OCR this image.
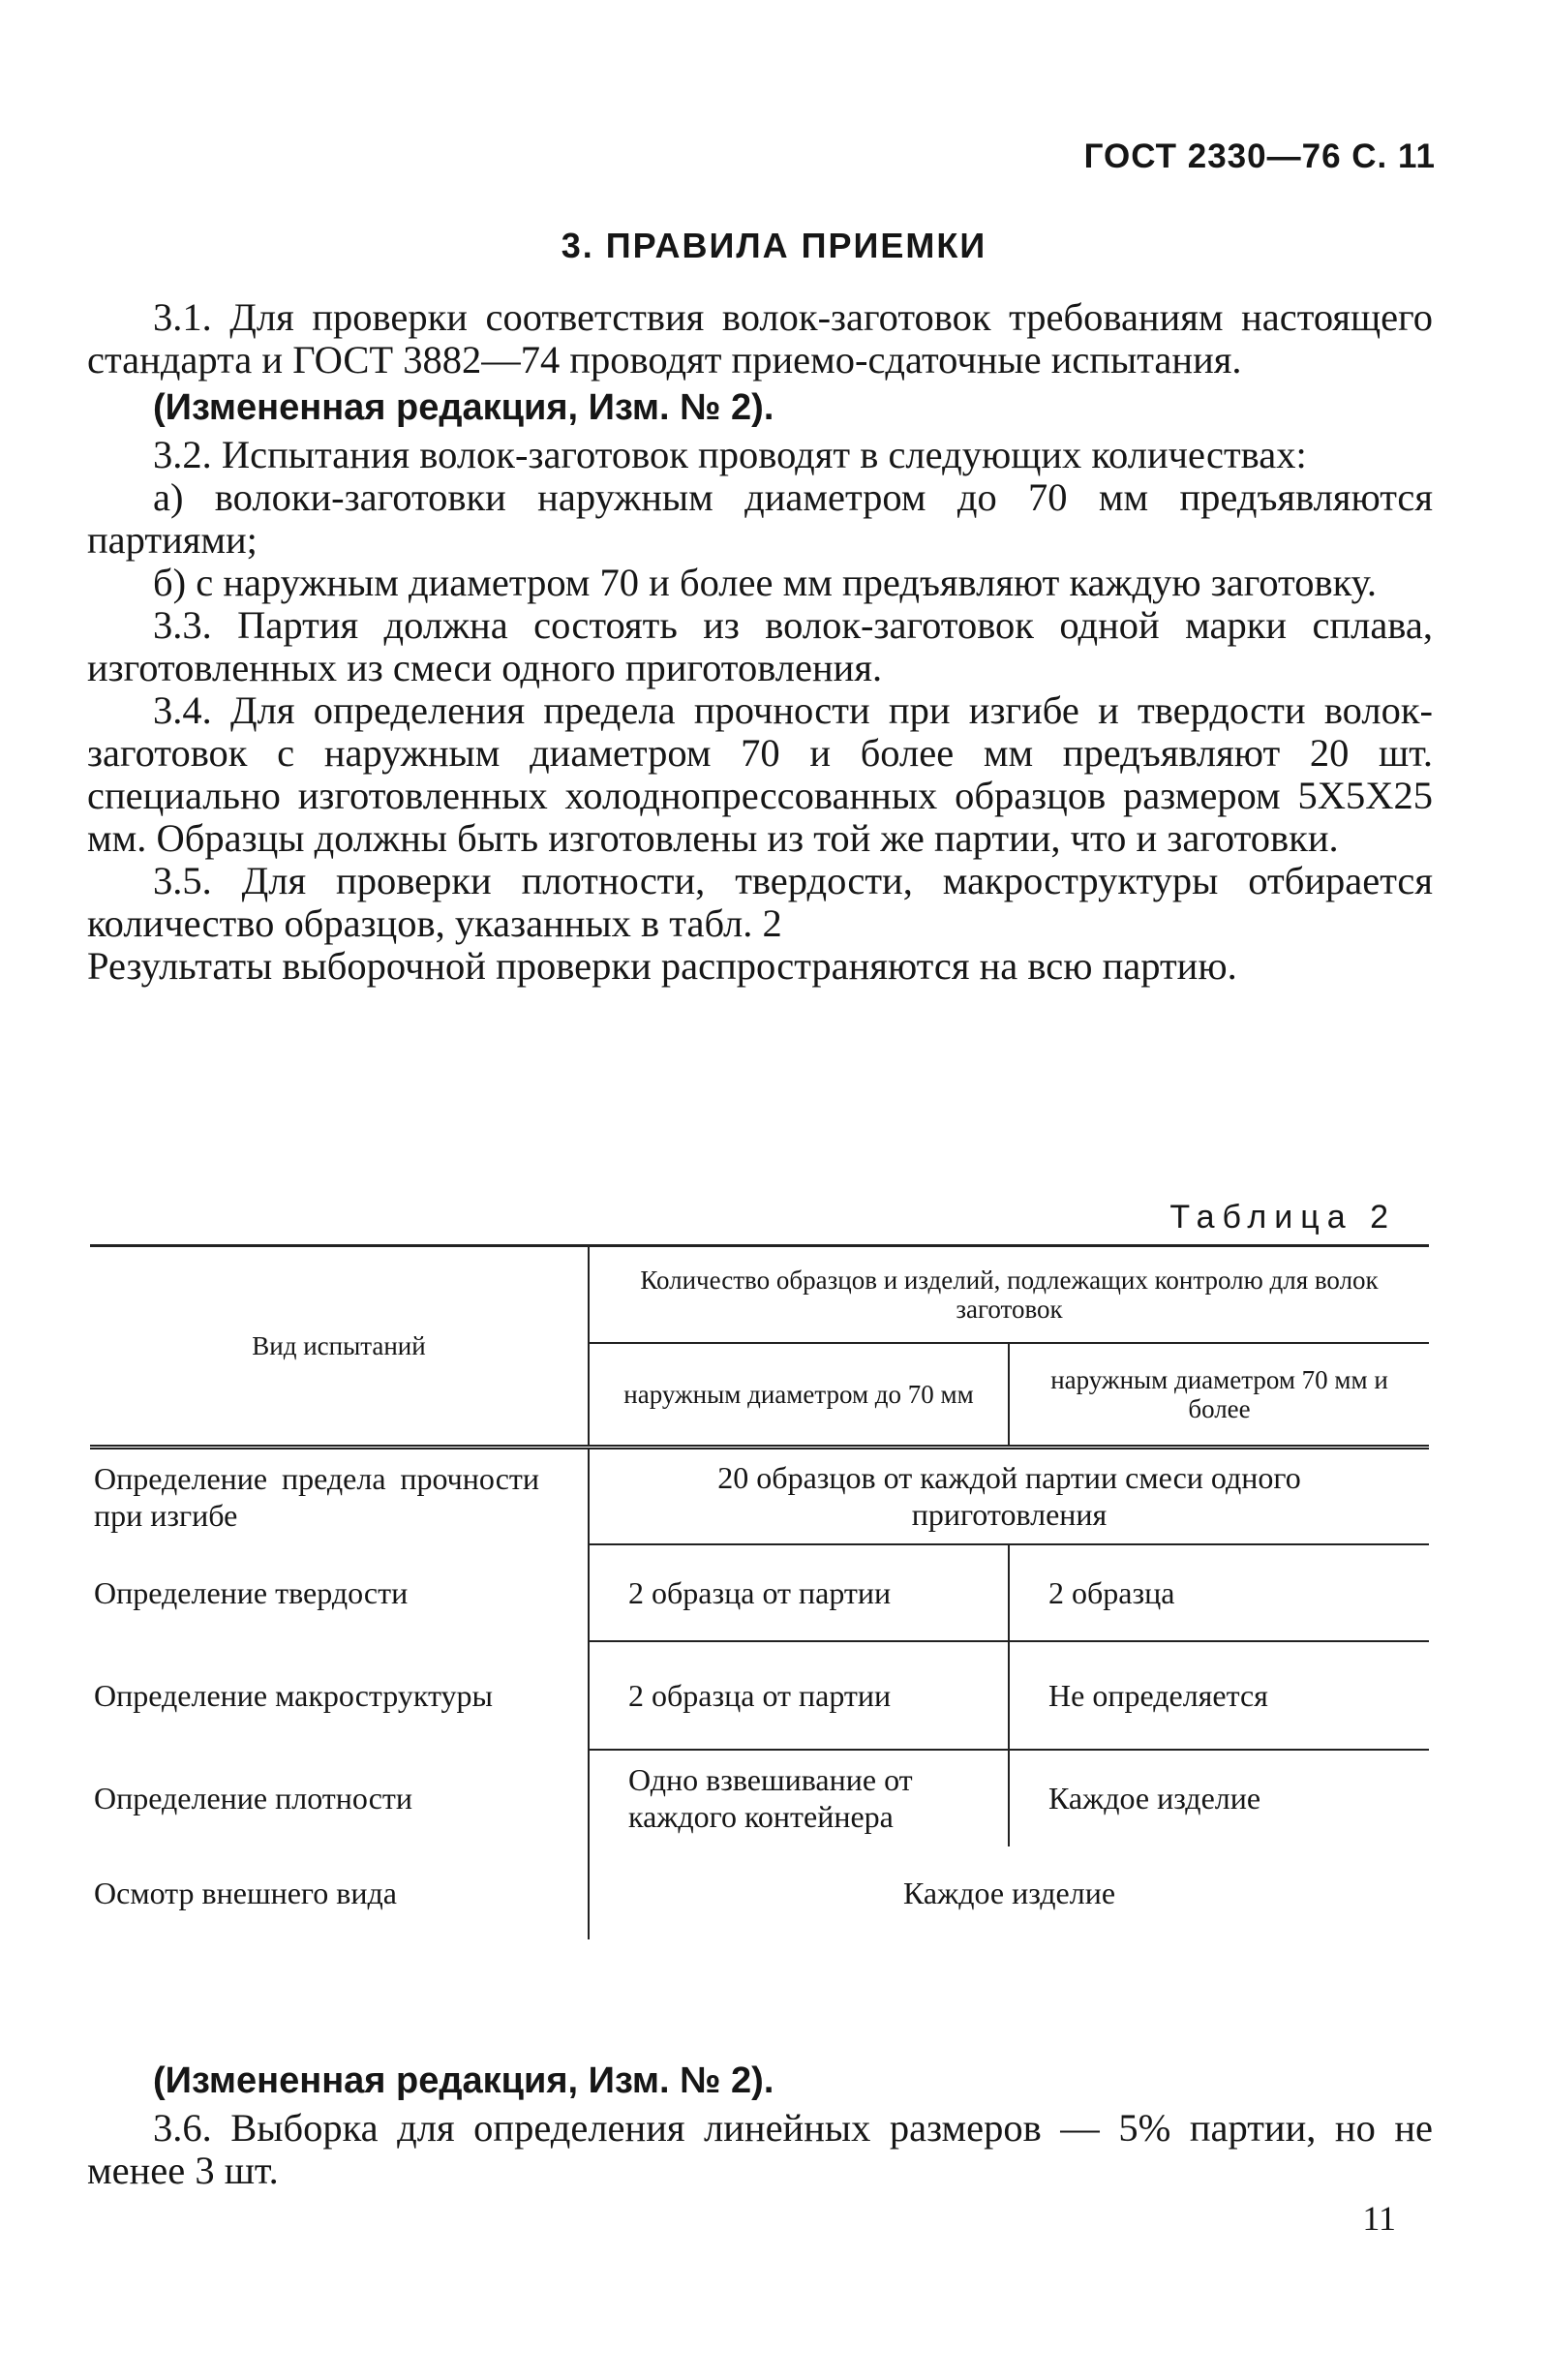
ГОСТ 2330—76 С. 11
3. ПРАВИЛА ПРИЕМКИ

3.1. Для проверки соответствия волок-заготовок требованиям настоящего стандарта и ГОСТ 3882—74 проводят приемо-сдаточные испытания.

(Измененная редакция, Изм. № 2).

3.2. Испытания волок-заготовок проводят в следующих количествах:

а) волоки-заготовки наружным диаметром до 70 мм предъявляются партиями;

б) с наружным диаметром 70 и более мм предъявляют каждую заготовку.

3.3. Партия должна состоять из волок-заготовок одной марки сплава, изготовленных из смеси одного приготовления.

3.4. Для определения предела прочности при изгибе и твердости волок-заготовок с наружным диаметром 70 и более мм предъявляют 20 шт. специально изготовленных холоднопрессованных образцов размером 5X5X25 мм. Образцы должны быть изготовлены из той же партии, что и заготовки.

3.5. Для проверки плотности, твердости, макроструктуры отбирается количество образцов, указанных в табл. 2

Результаты выборочной проверки распространяются на всю партию.

Таблица 2
Вид испытаний	Количество образцов и изделий, подлежащих контролю для волок заготовок	
	наружным диаметром до 70 мм	наружным диаметром 70 мм и более
Определение предела прочности при изгибе	20 образцов от каждой партии смеси одного приготовления	
Определение твердости	2 образца от партии	2 образца
Определение макроструктуры	2 образца от партии	Не определяется
Определение плотности	Одно взвешивание от каждого контейнера	Каждое изделие
Осмотр внешнего вида	Каждое изделие	

(Измененная редакция, Изм. № 2).

3.6. Выборка для определения линейных размеров — 5% партии, но не менее 3 шт.

11
